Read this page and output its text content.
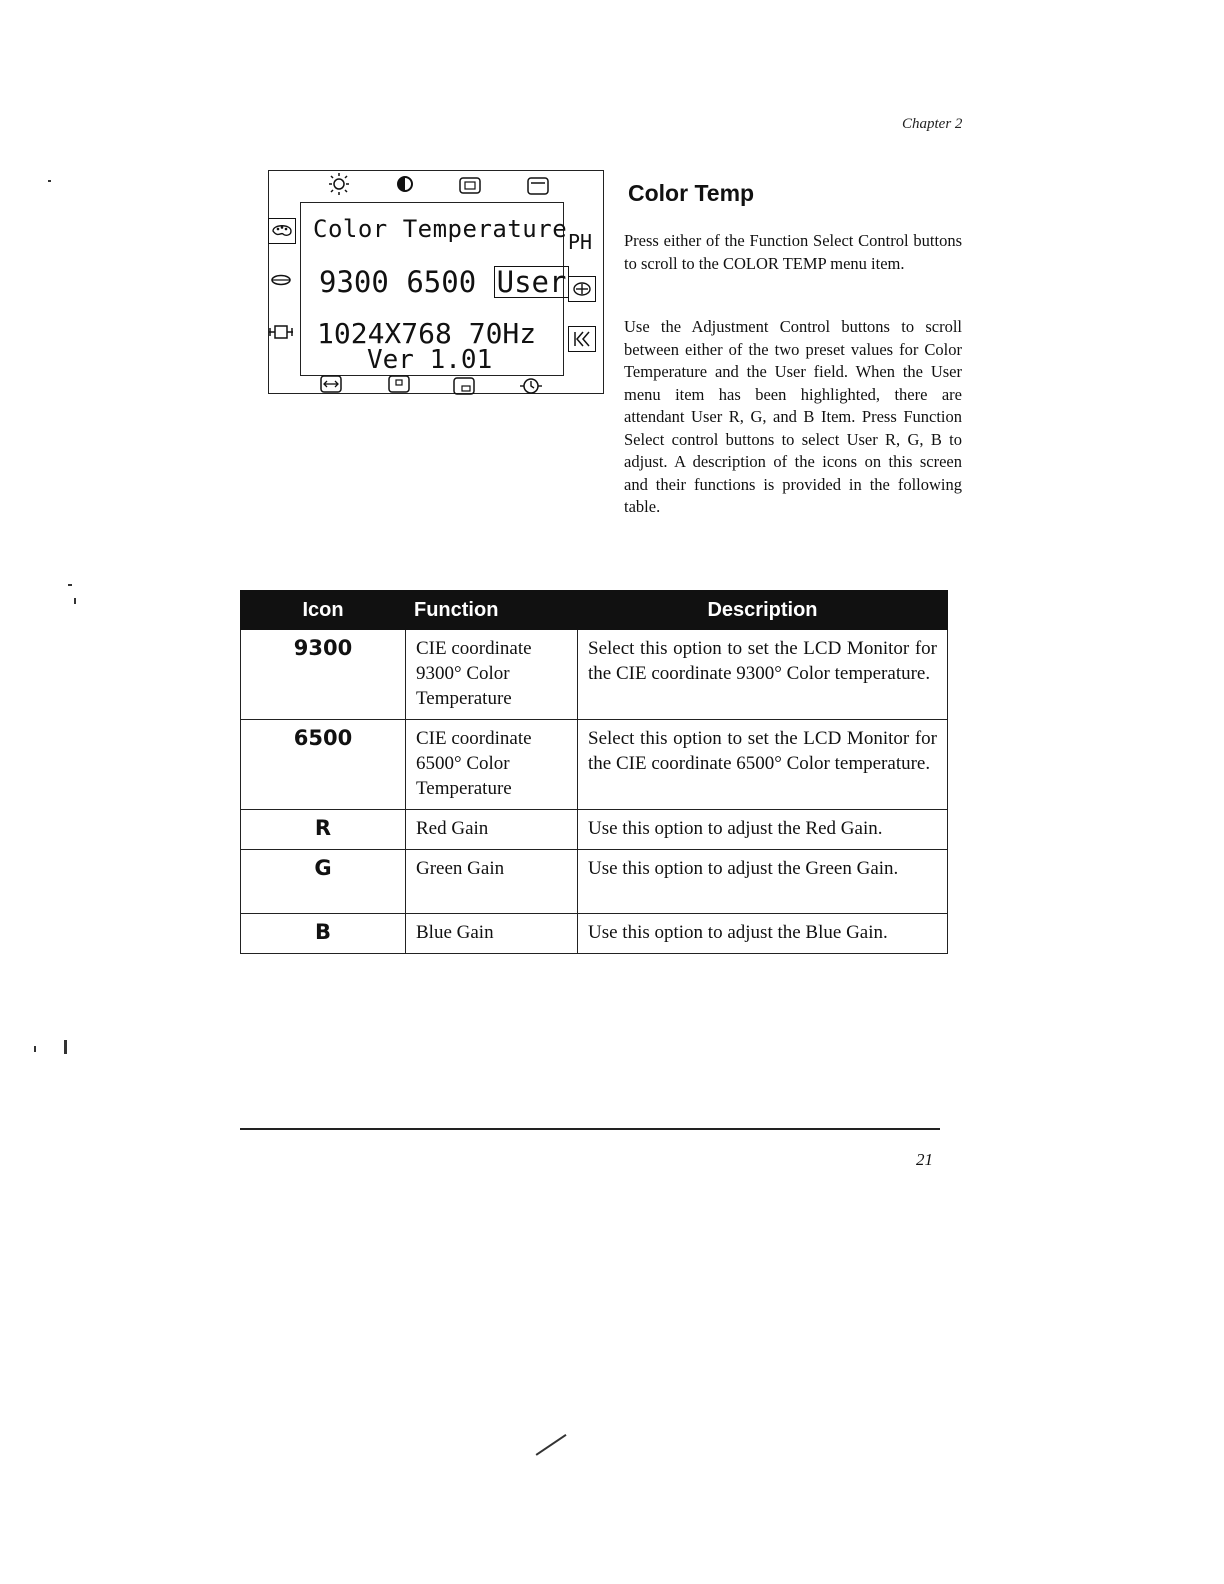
Chapter 2
Color Temperature
9300 6500 User
1024X768 70Hz
Ver 1.01
PH
Color Temp
Press either of the Function Select Control buttons to scroll to the COLOR TEMP menu item.
Use the Adjustment Control buttons to scroll between either of the two preset values for Color Temperature and the User field. When the User menu item has been highlighted, there are attendant User R, G, and B Item. Press Function Select control buttons to select User R, G, B to adjust. A description of the icons on this screen and their functions is provided in the following table.
Icon	Function	Description
9300	CIE coordinate 9300° Color Temperature	Select this option to set the LCD Monitor for the CIE coordinate 9300° Color temperature.
6500	CIE coordinate 6500° Color Temperature	Select this option to set the LCD Monitor for the CIE coordinate 6500° Color temperature.
R	Red Gain	Use this option to adjust the Red Gain.
G	Green Gain	Use this option to adjust the Green Gain.
B	Blue Gain	Use this option to adjust the Blue Gain.
21
